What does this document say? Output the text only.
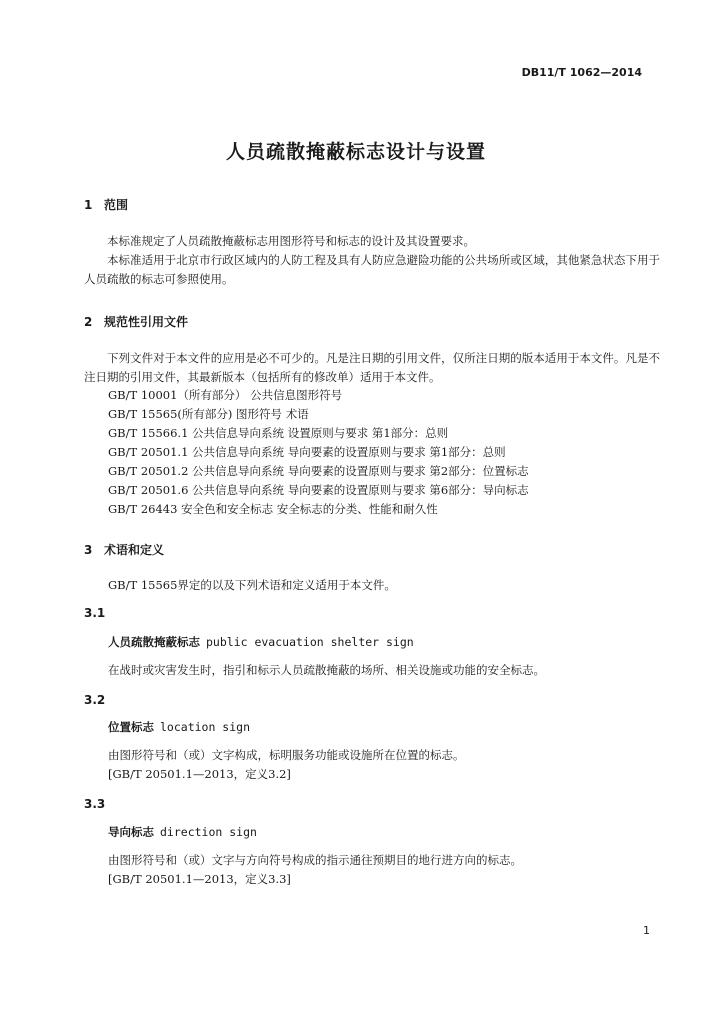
DB11/T 1062—2014
人员疏散掩蔽标志设计与设置
1 范围
本标准规定了人员疏散掩蔽标志用图形符号和标志的设计及其设置要求。
本标准适用于北京市行政区域内的人防工程及具有人防应急避险功能的公共场所或区域，其他紧急状态下用于人员疏散的标志可参照使用。
2 规范性引用文件
下列文件对于本文件的应用是必不可少的。凡是注日期的引用文件，仅所注日期的版本适用于本文件。凡是不注日期的引用文件，其最新版本（包括所有的修改单）适用于本文件。
GB/T 10001（所有部分） 公共信息图形符号
GB/T 15565(所有部分) 图形符号 术语
GB/T 15566.1 公共信息导向系统 设置原则与要求 第1部分：总则
GB/T 20501.1 公共信息导向系统 导向要素的设置原则与要求 第1部分：总则
GB/T 20501.2 公共信息导向系统 导向要素的设置原则与要求 第2部分：位置标志
GB/T 20501.6 公共信息导向系统 导向要素的设置原则与要求 第6部分：导向标志
GB/T 26443 安全色和安全标志 安全标志的分类、性能和耐久性
3 术语和定义
GB/T 15565界定的以及下列术语和定义适用于本文件。
3.1
人员疏散掩蔽标志 public evacuation shelter sign
在战时或灾害发生时，指引和标示人员疏散掩蔽的场所、相关设施或功能的安全标志。
3.2
位置标志 location sign
由图形符号和（或）文字构成，标明服务功能或设施所在位置的标志。
[GB/T 20501.1—2013，定义3.2]
3.3
导向标志 direction sign
由图形符号和（或）文字与方向符号构成的指示通往预期目的地行进方向的标志。
[GB/T 20501.1—2013，定义3.3]
1
